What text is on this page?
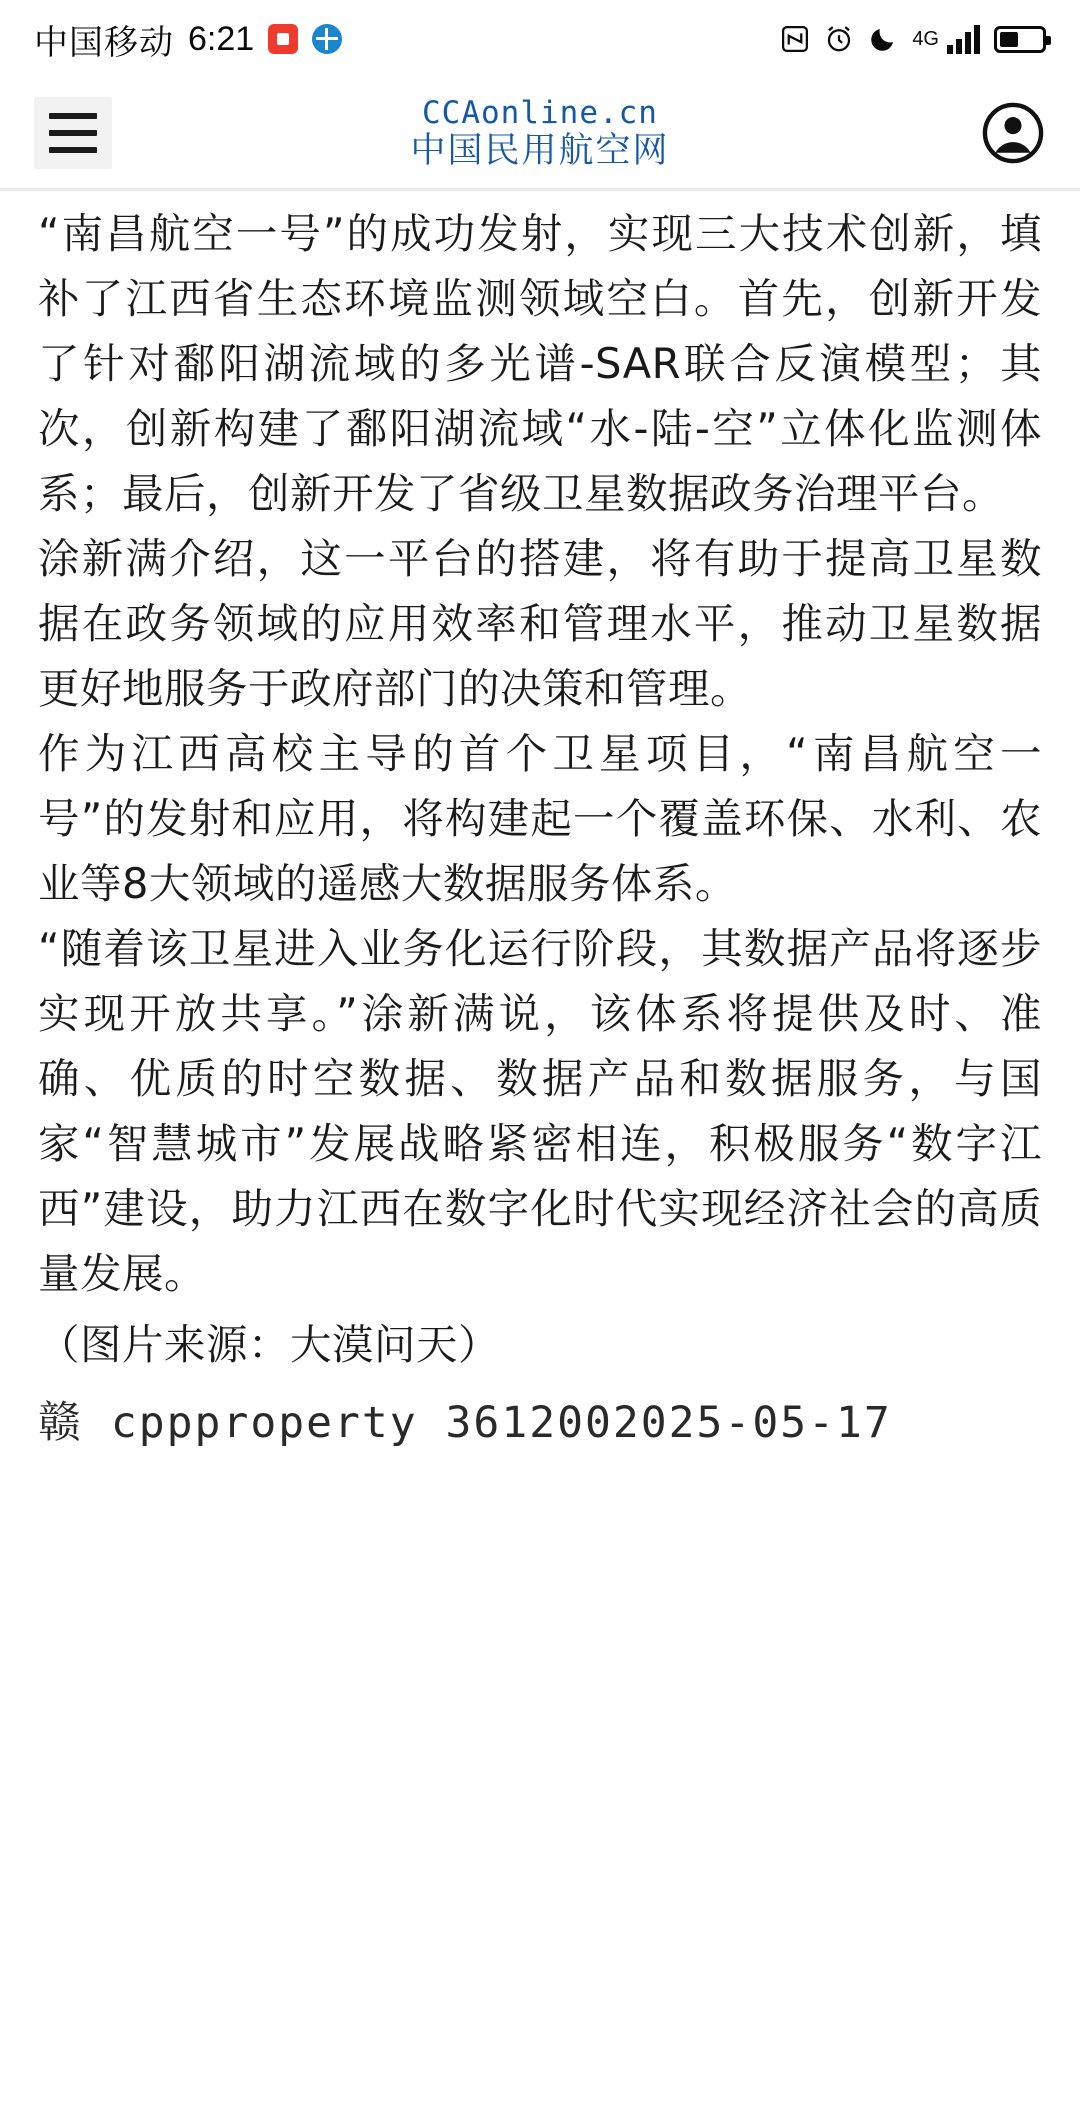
中国移动 6:21	4G
CCAonline.cn
中国民用航空网

“南昌航空一号”的成功发射，实现三大技术创新，填补了江西省生态环境监测领域空白。首先，创新开发了针对鄱阳湖流域的多光谱-SAR联合反演模型；其次，创新构建了鄱阳湖流域“水-陆-空”立体化监测体系；最后，创新开发了省级卫星数据政务治理平台。

涂新满介绍，这一平台的搭建，将有助于提高卫星数据在政务领域的应用效率和管理水平，推动卫星数据更好地服务于政府部门的决策和管理。

作为江西高校主导的首个卫星项目，“南昌航空一号”的发射和应用，将构建起一个覆盖环保、水利、农业等8大领域的遥感大数据服务体系。

“随着该卫星进入业务化运行阶段，其数据产品将逐步实现开放共享。”涂新满说，该体系将提供及时、准确、优质的时空数据、数据产品和数据服务，与国家“智慧城市”发展战略紧密相连，积极服务“数字江西”建设，助力江西在数字化时代实现经济社会的高质量发展。

（图片来源：大漠问天）

赣 cppproperty 3612002025-05-17
